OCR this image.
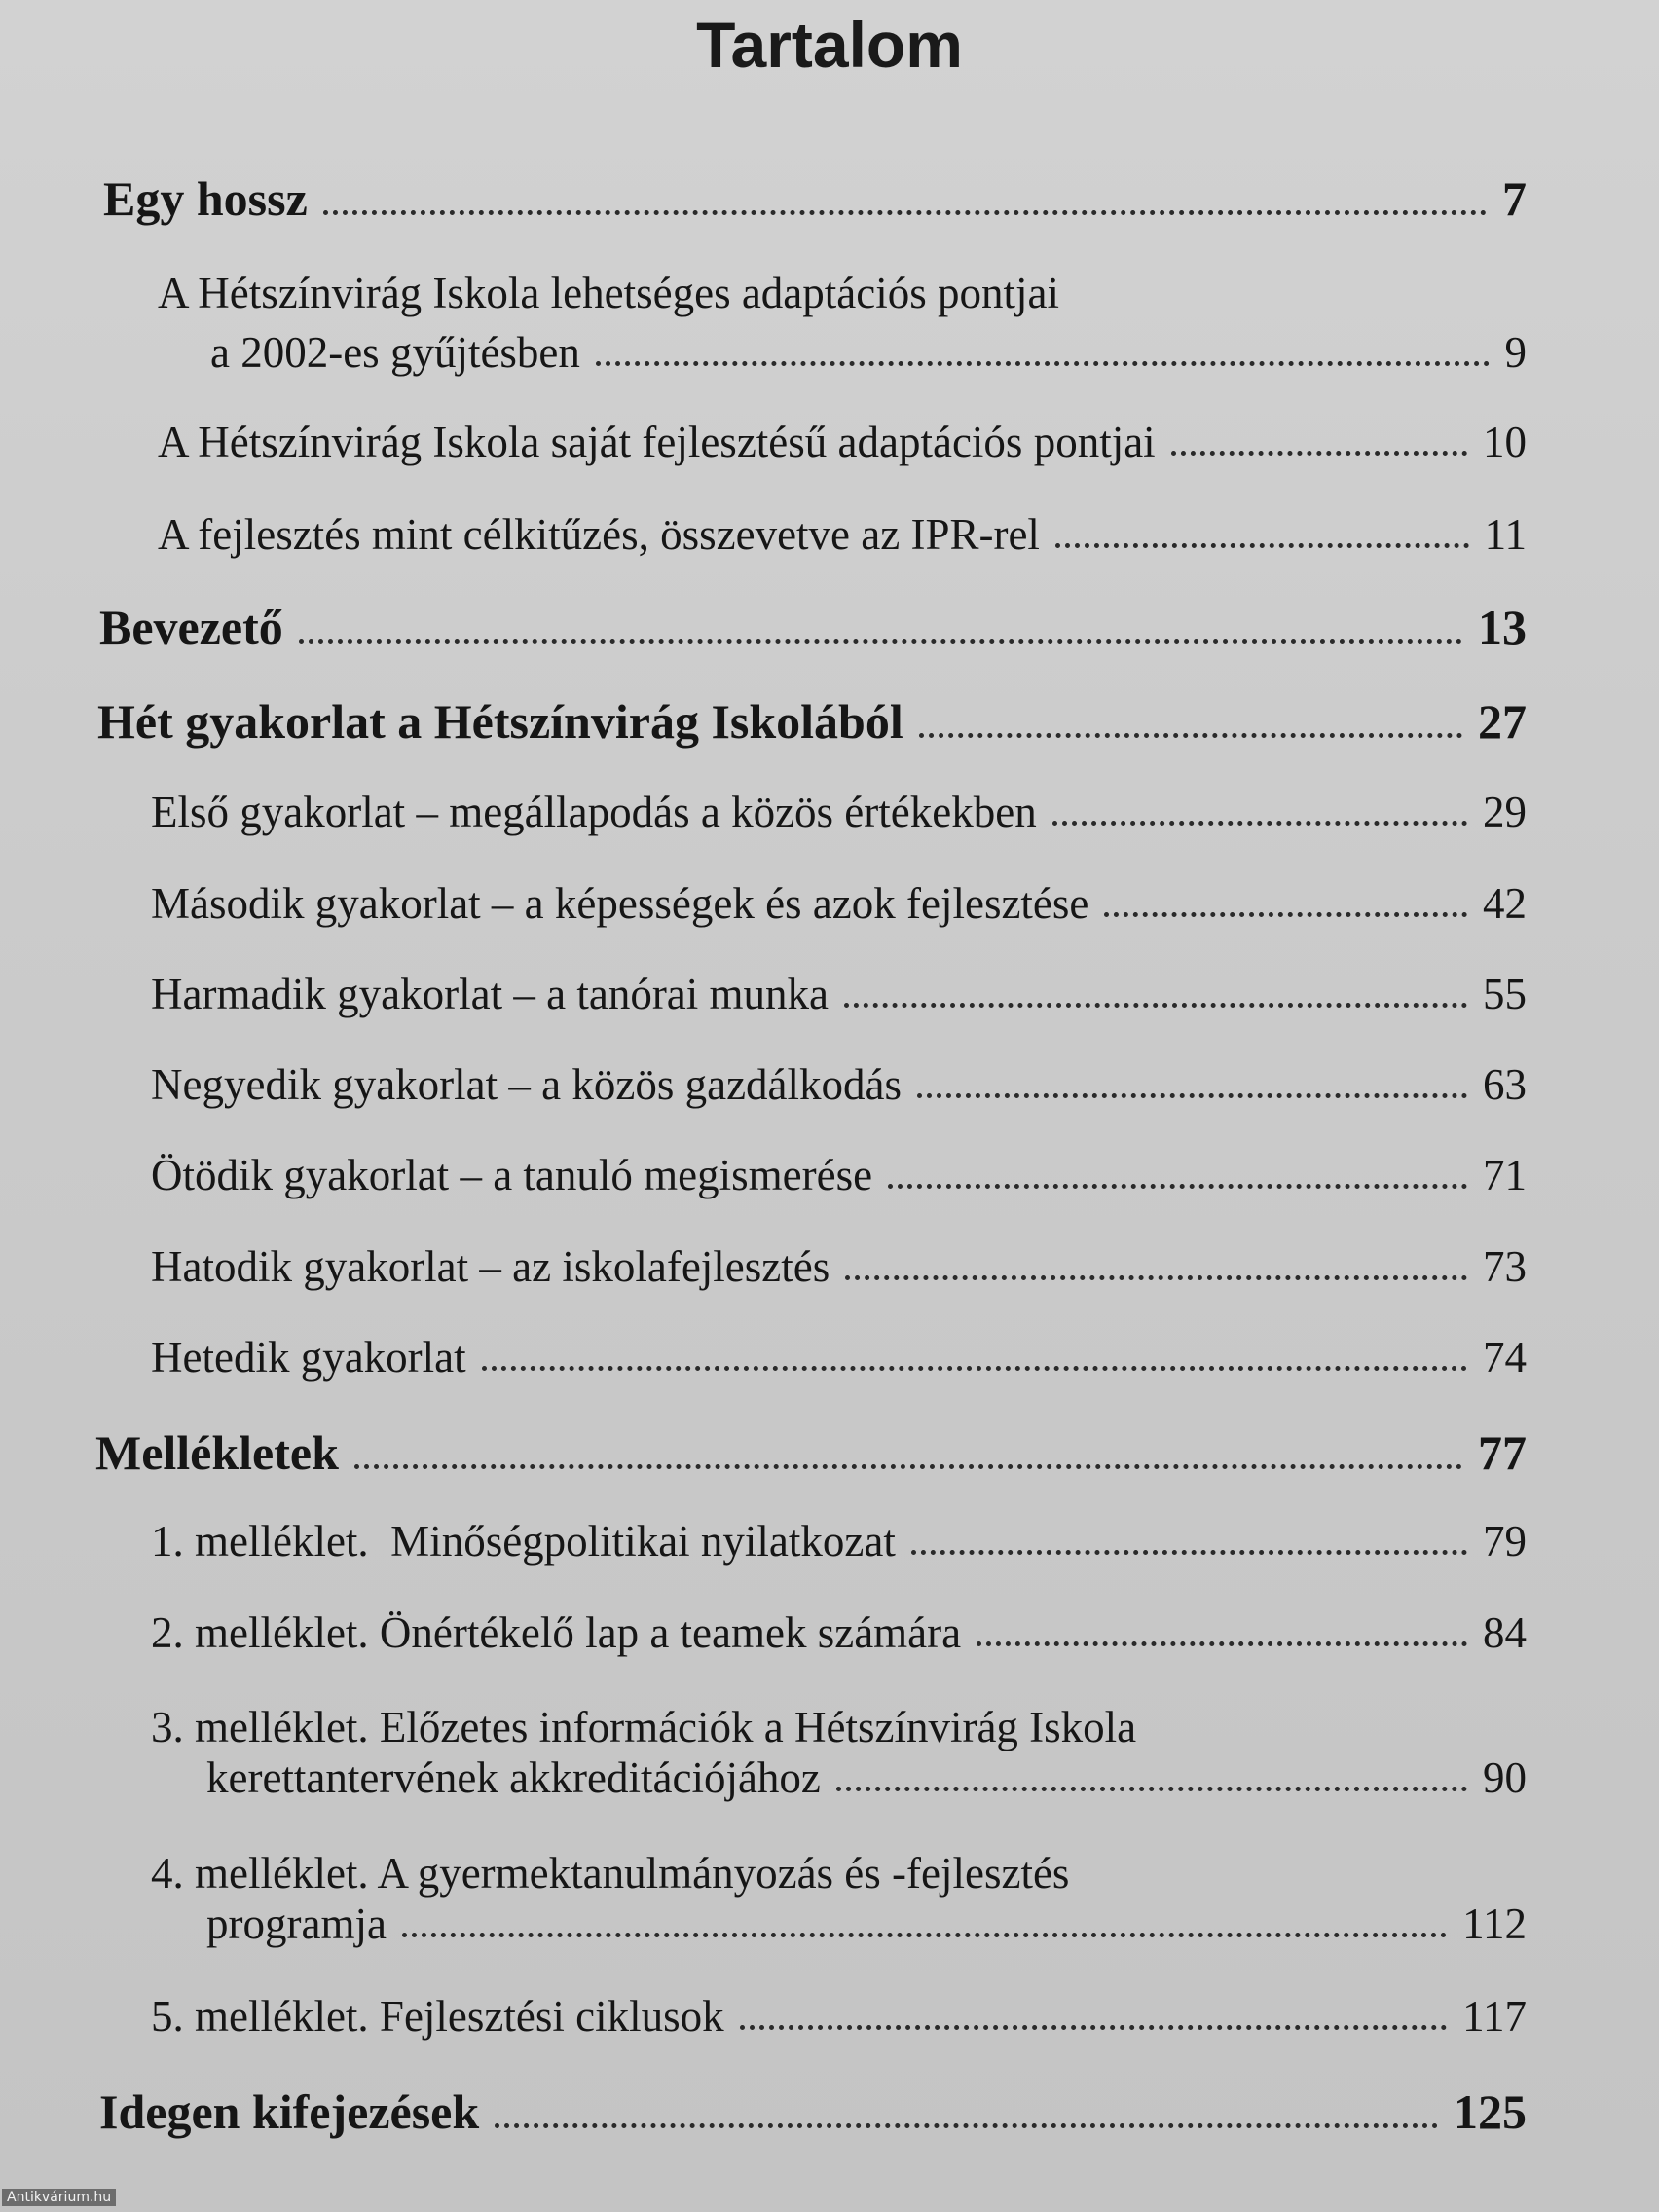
Tartalom
Egy hossz	7
A Hétszínvirág Iskola lehetséges adaptációs pontjai
a 2002-es gyűjtésben	9
A Hétszínvirág Iskola saját fejlesztésű adaptációs pontjai	10
A fejlesztés mint célkitűzés, összevetve az IPR-rel	11
Bevezető	13
Hét gyakorlat a Hétszínvirág Iskolából	27
Első gyakorlat – megállapodás a közös értékekben	29
Második gyakorlat – a képességek és azok fejlesztése	42
Harmadik gyakorlat – a tanórai munka	55
Negyedik gyakorlat – a közös gazdálkodás	63
Ötödik gyakorlat – a tanuló megismerése	71
Hatodik gyakorlat – az iskolafejlesztés	73
Hetedik gyakorlat	74
Mellékletek	77
1. melléklet.  Minőségpolitikai nyilatkozat	79
2. melléklet. Önértékelő lap a teamek számára	84
3. melléklet. Előzetes információk a Hétszínvirág Iskola
kerettantervének akkreditációjához	90
4. melléklet. A gyermektanulmányozás és -fejlesztés
programja	112
5. melléklet. Fejlesztési ciklusok	117
Idegen kifejezések	125
Antikvárium.hu
